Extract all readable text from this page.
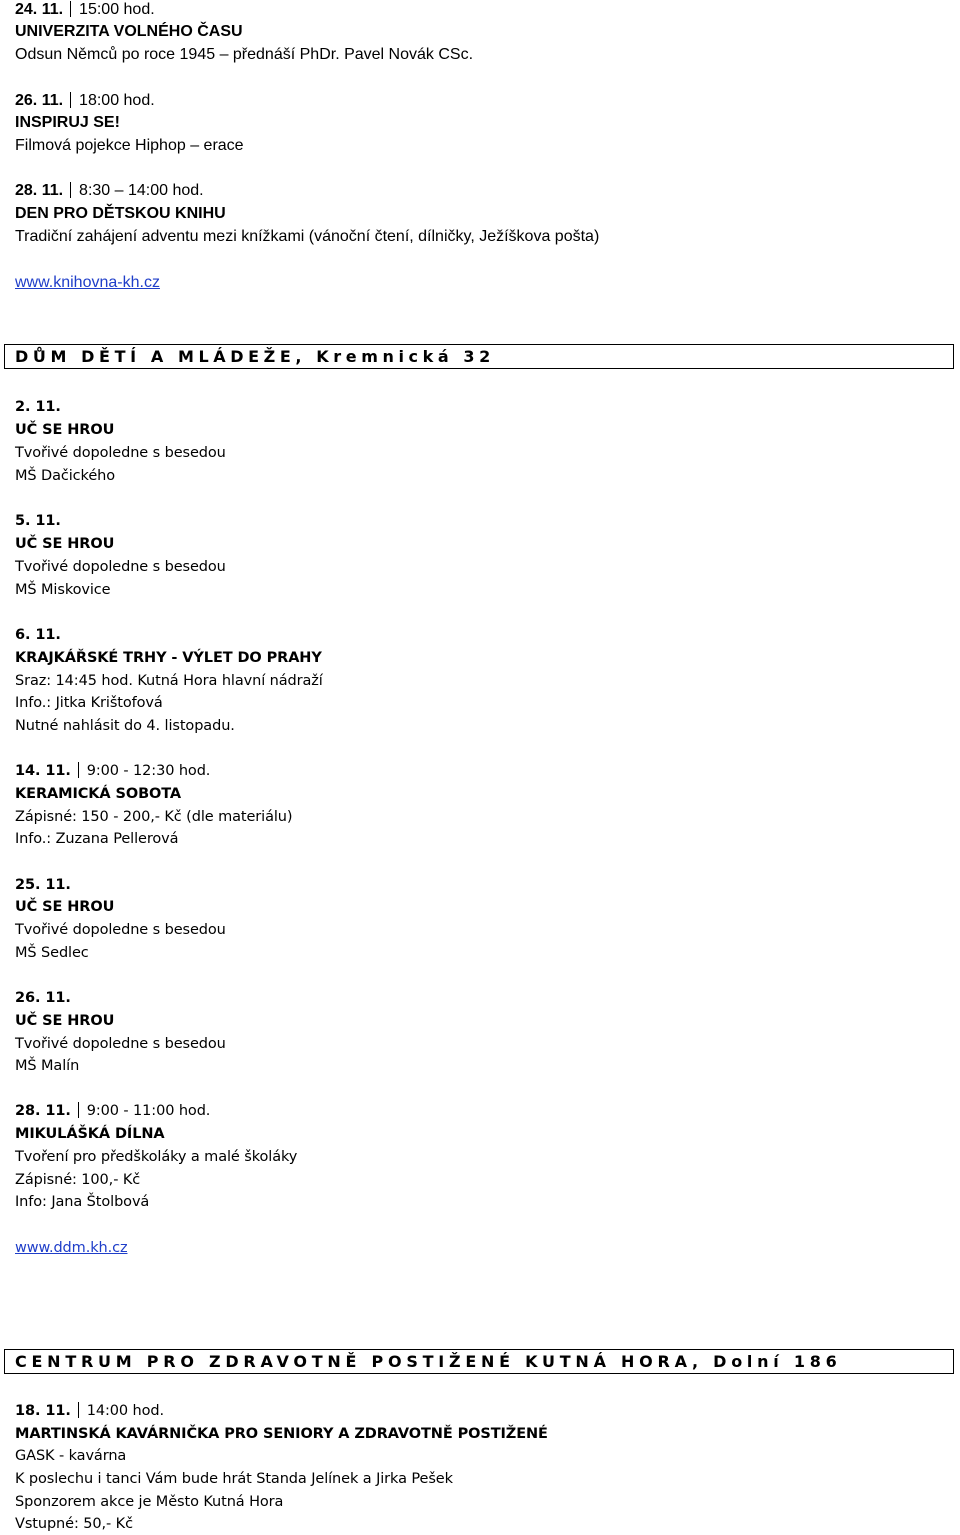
24. 11. 15:00 hod.
UNIVERZITA VOLNÉHO ČASU
Odsun Němců po roce 1945 – přednáší PhDr. Pavel Novák CSc.
26. 11. 18:00 hod.
INSPIRUJ SE!
Filmová pojekce Hiphop – erace
28. 11. 8:30 – 14:00 hod.
DEN PRO DĚTSKOU KNIHU
Tradiční zahájení adventu mezi knížkami (vánoční čtení, dílničky, Ježíškova pošta)
www.knihovna-kh.cz
DŮM DĚTÍ A MLÁDEŽE, Kremnická 32
2. 11.
UČ SE HROU
Tvořivé dopoledne s besedou
MŠ Dačického
5. 11.
UČ SE HROU
Tvořivé dopoledne s besedou
MŠ Miskovice
6. 11.
KRAJKÁŘSKÉ TRHY - VÝLET DO PRAHY
Sraz: 14:45 hod. Kutná Hora hlavní nádraží
Info.: Jitka Krištofová
Nutné nahlásit do 4. listopadu.
14. 11. 9:00 - 12:30 hod.
KERAMICKÁ SOBOTA
Zápisné: 150 - 200,- Kč (dle materiálu)
Info.: Zuzana Pellerová
25. 11.
UČ SE HROU
Tvořivé dopoledne s besedou
MŠ Sedlec
26. 11.
UČ SE HROU
Tvořivé dopoledne s besedou
MŠ Malín
28. 11. 9:00 - 11:00 hod.
MIKULÁŠKÁ DÍLNA
Tvoření pro předškoláky a malé školáky
Zápisné: 100,- Kč
Info: Jana Štolbová
www.ddm.kh.cz
CENTRUM PRO ZDRAVOTNĚ POSTIŽENÉ KUTNÁ HORA, Dolní 186
18. 11. 14:00 hod.
MARTINSKÁ KAVÁRNIČKA PRO SENIORY A ZDRAVOTNĚ POSTIŽENÉ
GASK - kavárna
K poslechu i tanci Vám bude hrát Standa Jelínek a Jirka Pešek
Sponzorem akce je Město Kutná Hora
Vstupné: 50,- Kč
